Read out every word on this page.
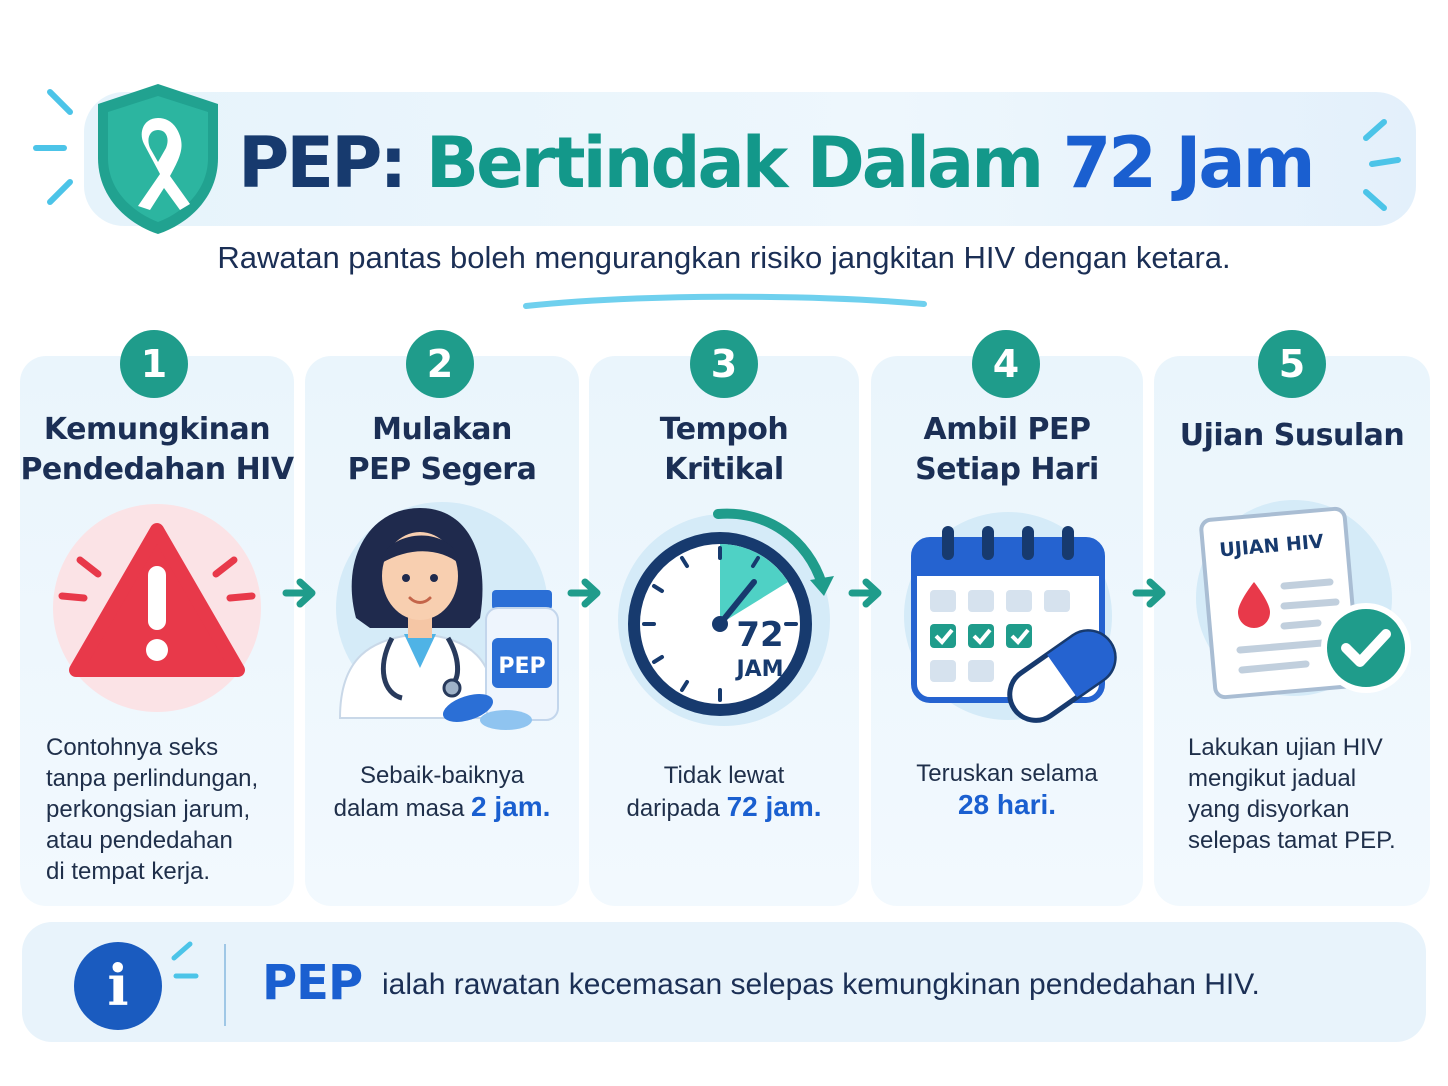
PEP: Bertindak Dalam 72 Jam
Rawatan pantas boleh mengurangkan risiko jangkitan HIV dengan ketara.
1	2	3	4	5
Kemungkinan
Pendedahan HIV
Mulakan
PEP Segera
Tempoh
Kritikal
Ambil PEP
Setiap Hari
Ujian Susulan
PEP
72
JAM
UJIAN HIV
Contohnya seks
tanpa perlindungan,
perkongsian jarum,
atau pendedahan
di tempat kerja.
Sebaik-baiknya
dalam masa 2 jam.
Tidak lewat
daripada 72 jam.
Teruskan selama
28 hari.
Lakukan ujian HIV
mengikut jadual
yang disyorkan
selepas tamat PEP.
i	PEP ialah rawatan kecemasan selepas kemungkinan pendedahan HIV.
